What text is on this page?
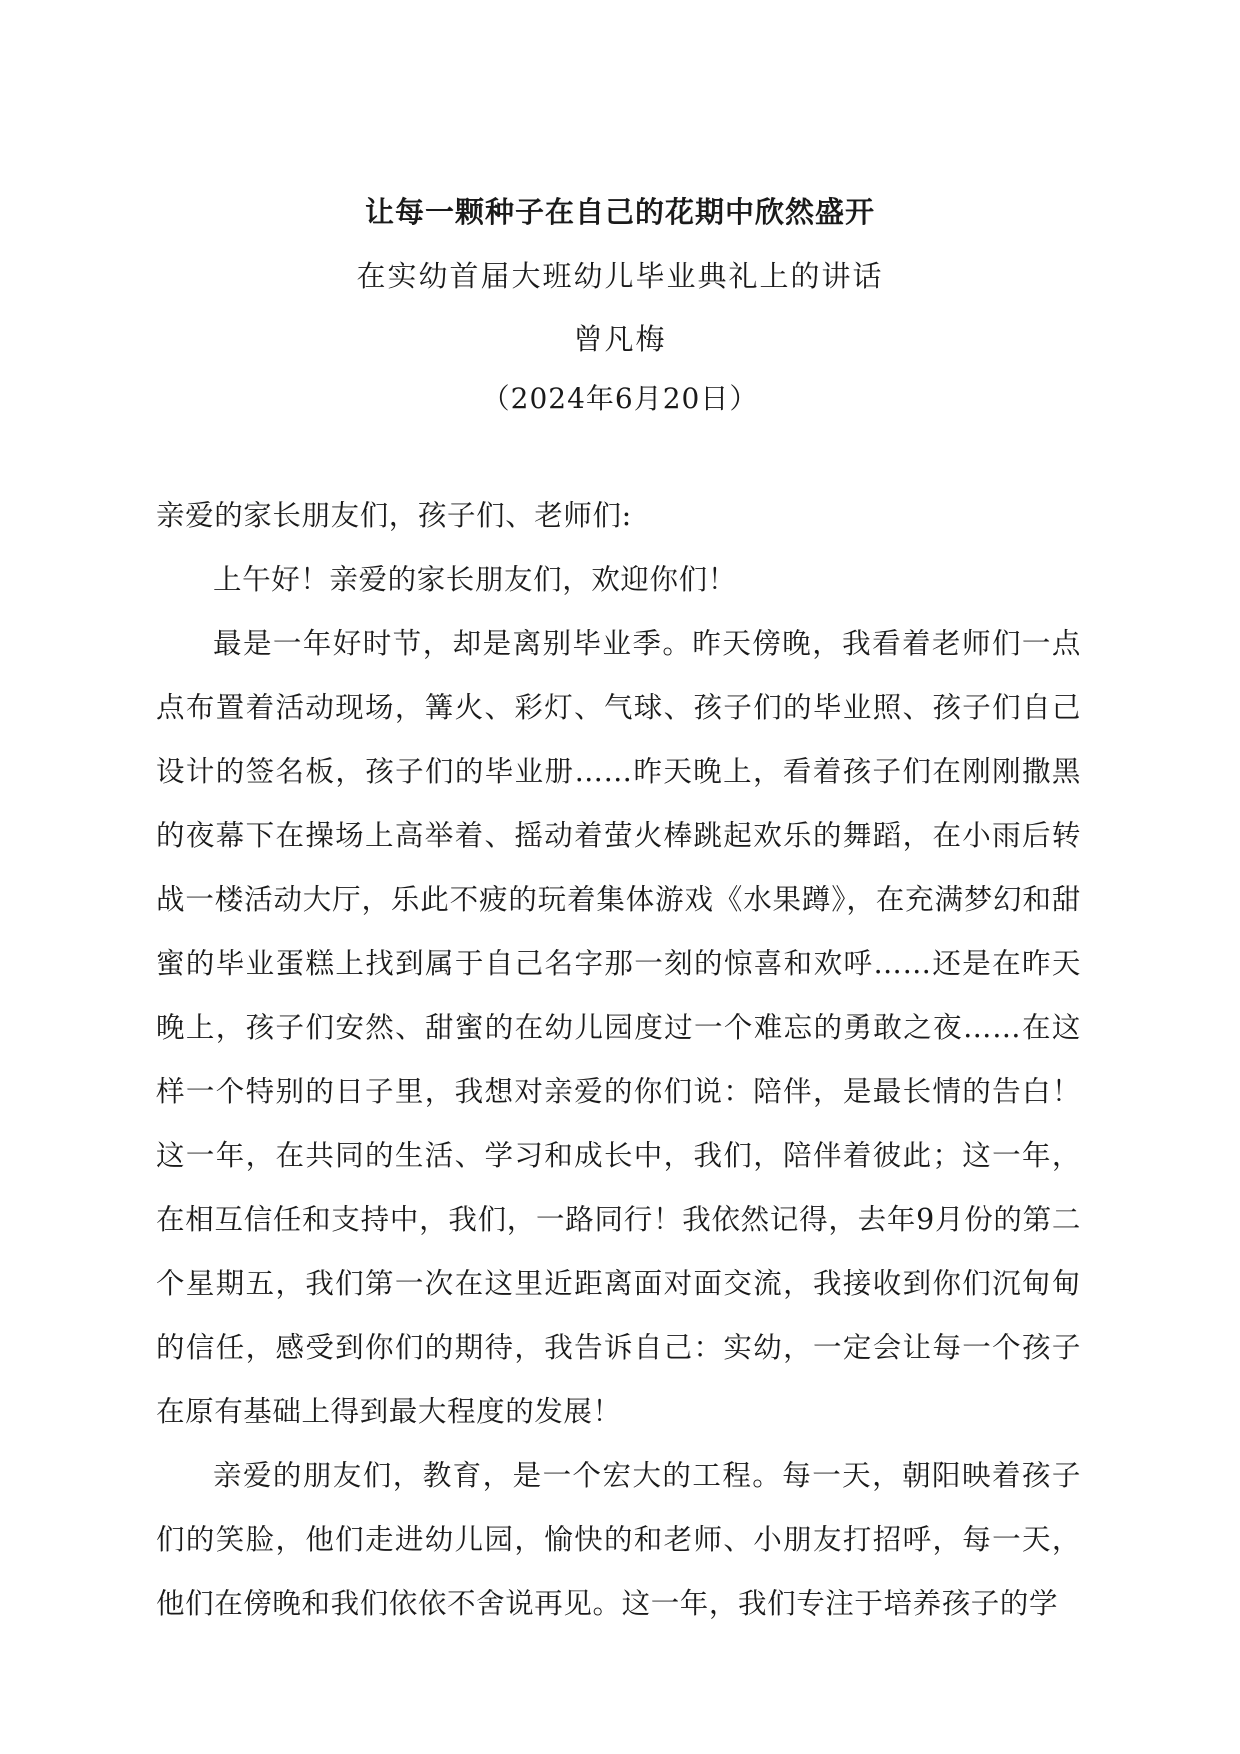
让每一颗种子在自己的花期中欣然盛开
在实幼首届大班幼儿毕业典礼上的讲话
曾凡梅
（2024年6月20日）

亲爱的家长朋友们，孩子们、老师们:

上午好！亲爱的家长朋友们，欢迎你们！

最是一年好时节，却是离别毕业季。昨天傍晚，我看着老师们一点点布置着活动现场，篝火、彩灯、气球、孩子们的毕业照、孩子们自己设计的签名板，孩子们的毕业册……昨天晚上，看着孩子们在刚刚撒黑的夜幕下在操场上高举着、摇动着萤火棒跳起欢乐的舞蹈，在小雨后转战一楼活动大厅，乐此不疲的玩着集体游戏《水果蹲》，在充满梦幻和甜蜜的毕业蛋糕上找到属于自己名字那一刻的惊喜和欢呼……还是在昨天晚上，孩子们安然、甜蜜的在幼儿园度过一个难忘的勇敢之夜……在这样一个特别的日子里，我想对亲爱的你们说：陪伴，是最长情的告白！这一年，在共同的生活、学习和成长中，我们，陪伴着彼此；这一年，在相互信任和支持中，我们，一路同行！我依然记得，去年9月份的第二个星期五，我们第一次在这里近距离面对面交流，我接收到你们沉甸甸的信任，感受到你们的期待，我告诉自己：实幼，一定会让每一个孩子在原有基础上得到最大程度的发展！

亲爱的朋友们，教育，是一个宏大的工程。每一天，朝阳映着孩子们的笑脸，他们走进幼儿园，愉快的和老师、小朋友打招呼，每一天，他们在傍晚和我们依依不舍说再见。这一年，我们专注于培养孩子的学
